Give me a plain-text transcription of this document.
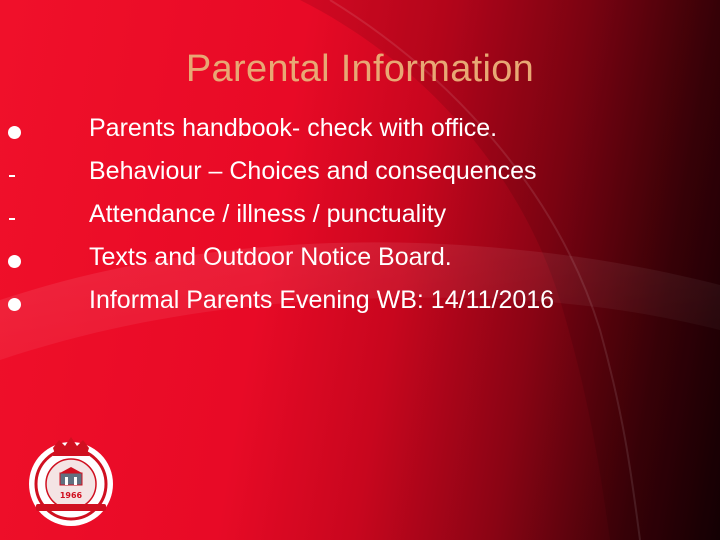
Parental Information
Parents handbook- check with office.
Behaviour – Choices and consequences
Attendance / illness / punctuality
Texts and Outdoor Notice Board.
Informal Parents Evening WB: 14/11/2016
1966
